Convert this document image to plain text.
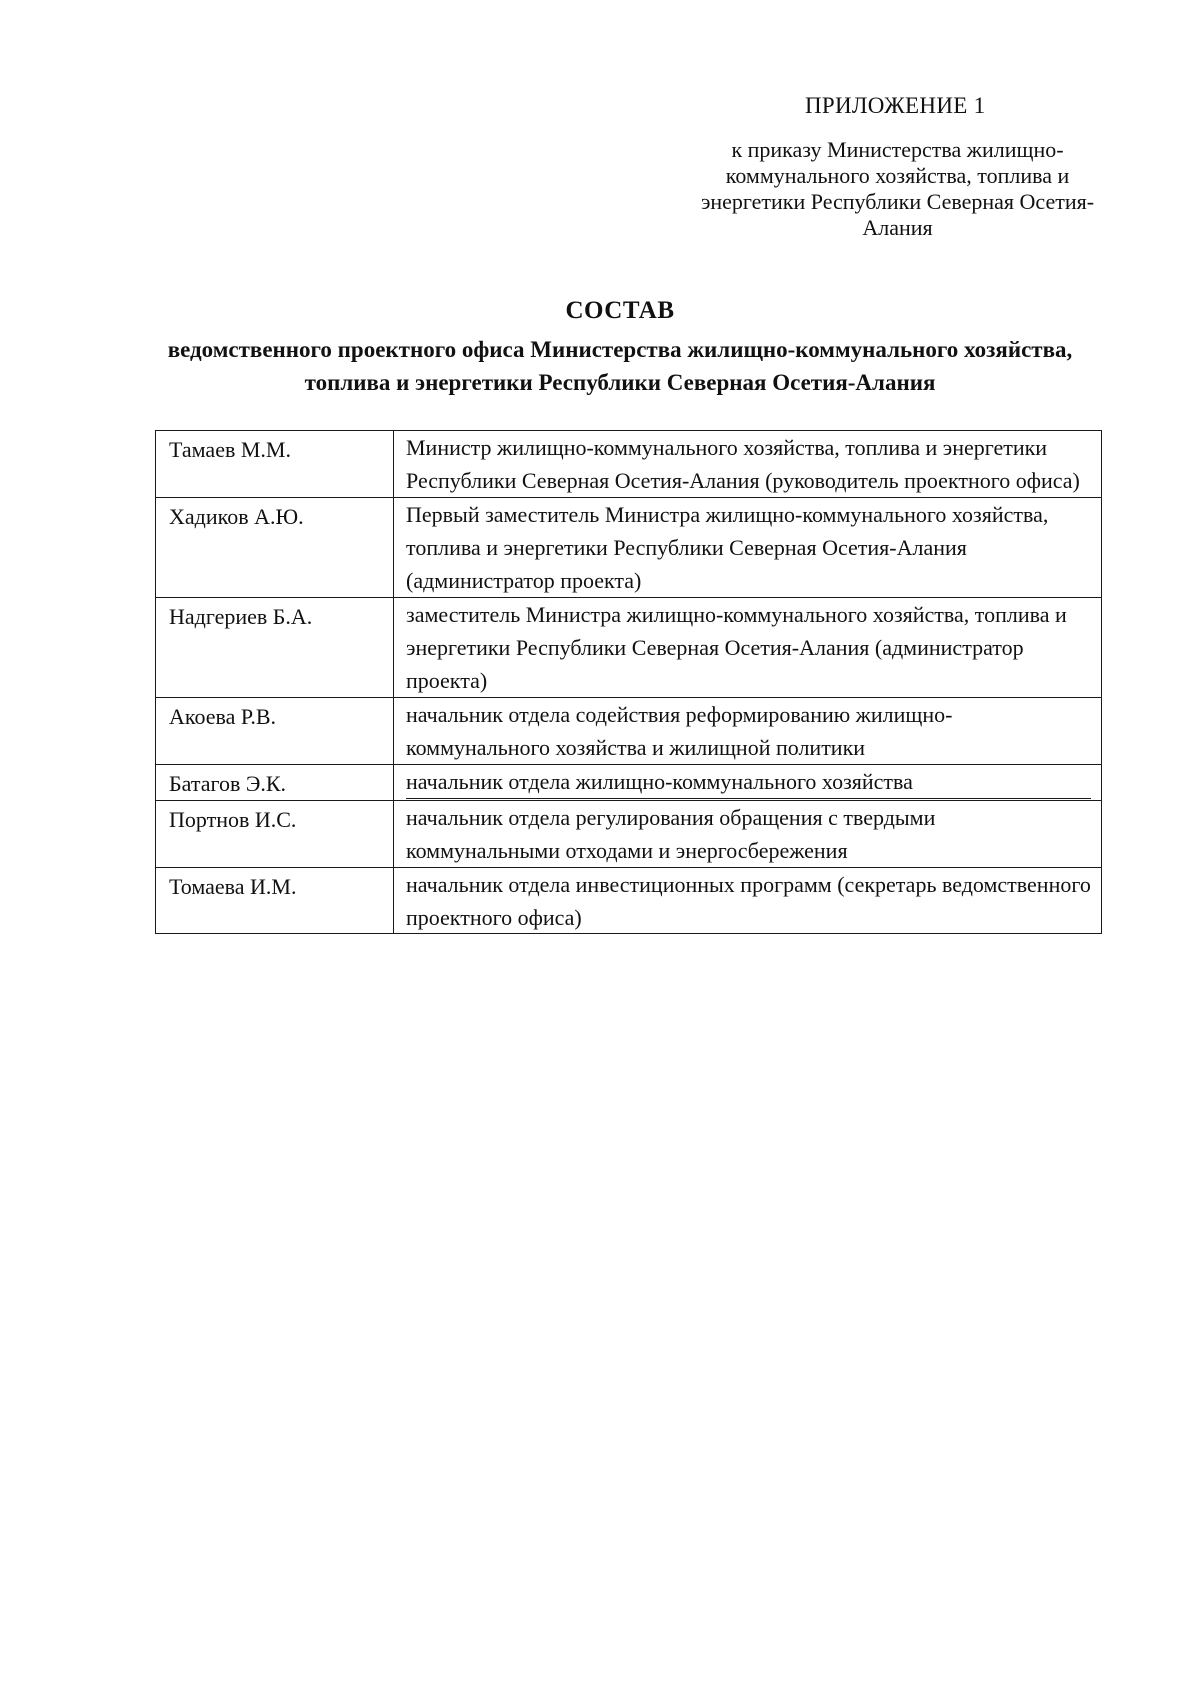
ПРИЛОЖЕНИЕ 1
к приказу Министерства жилищно-коммунального хозяйства, топлива и энергетики Республики Северная Осетия-Алания
СОСТАВ
ведомственного проектного офиса Министерства жилищно-коммунального хозяйства, топлива и энергетики Республики Северная Осетия-Алания
Тамаев М.М.	Министр жилищно-коммунального хозяйства, топлива и энергетики Республики Северная Осетия-Алания (руководитель проектного офиса)

Хадиков А.Ю.	Первый заместитель Министра жилищно-коммунального хозяйства, топлива и энергетики Республики Северная Осетия-Алания (администратор проекта)

Надгериев Б.А.	заместитель Министра жилищно-коммунального хозяйства, топлива и энергетики Республики Северная Осетия-Алания (администратор проекта)

Акоева Р.В.	начальник отдела содействия реформированию жилищно-коммунального хозяйства и жилищной политики

Батагов Э.К.	начальник отдела жилищно-коммунального хозяйства

Портнов И.С.	начальник отдела регулирования обращения с твердыми коммунальными отходами и энергосбережения

Томаева И.М.	начальник отдела инвестиционных программ (секретарь ведомственного проектного офиса)
